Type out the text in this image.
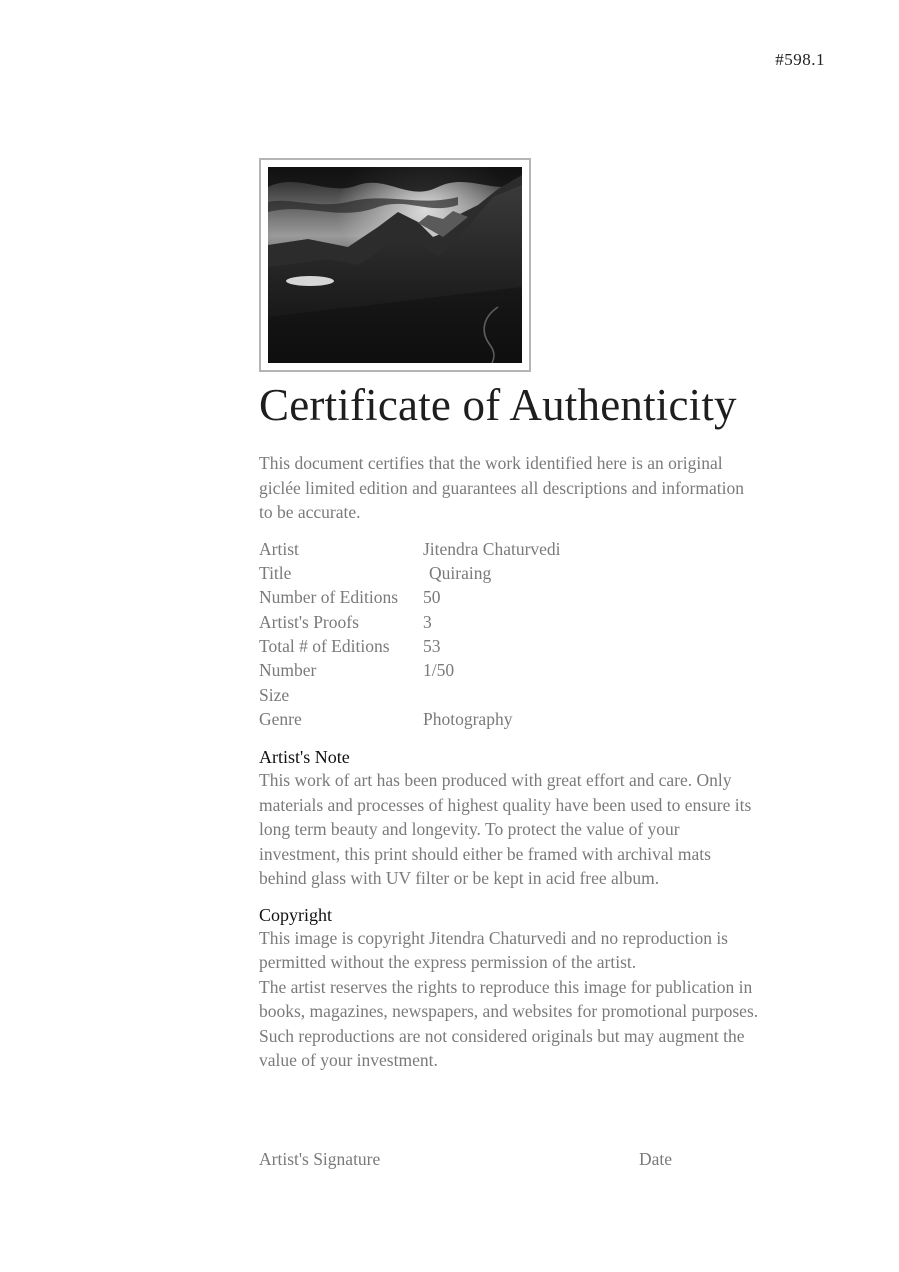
#598.1
Certificate of Authenticity
This document certifies that the work identified here is an original giclée limited edition and guarantees all descriptions and information to be accurate.
Artist	Jitendra Chaturvedi
Title	Quiraing
Number of Editions	50
Artist's Proofs	3
Total # of Editions	53
Number	1/50
Size	
Genre	Photography
Artist's Note

This work of art has been produced with great effort and care. Only materials and processes of highest quality have been used to ensure its long term beauty and longevity. To protect the value of your investment, this print should either be framed with archival mats behind glass with UV filter or be kept in acid free album.

Copyright

This image is copyright Jitendra Chaturvedi and no reproduction is permitted without the express permission of the artist.

The artist reserves the rights to reproduce this image for publication in books, magazines, newspapers, and websites for promotional purposes. Such reproductions are not considered originals but may augment the value of your investment.

Artist's Signature	Date
